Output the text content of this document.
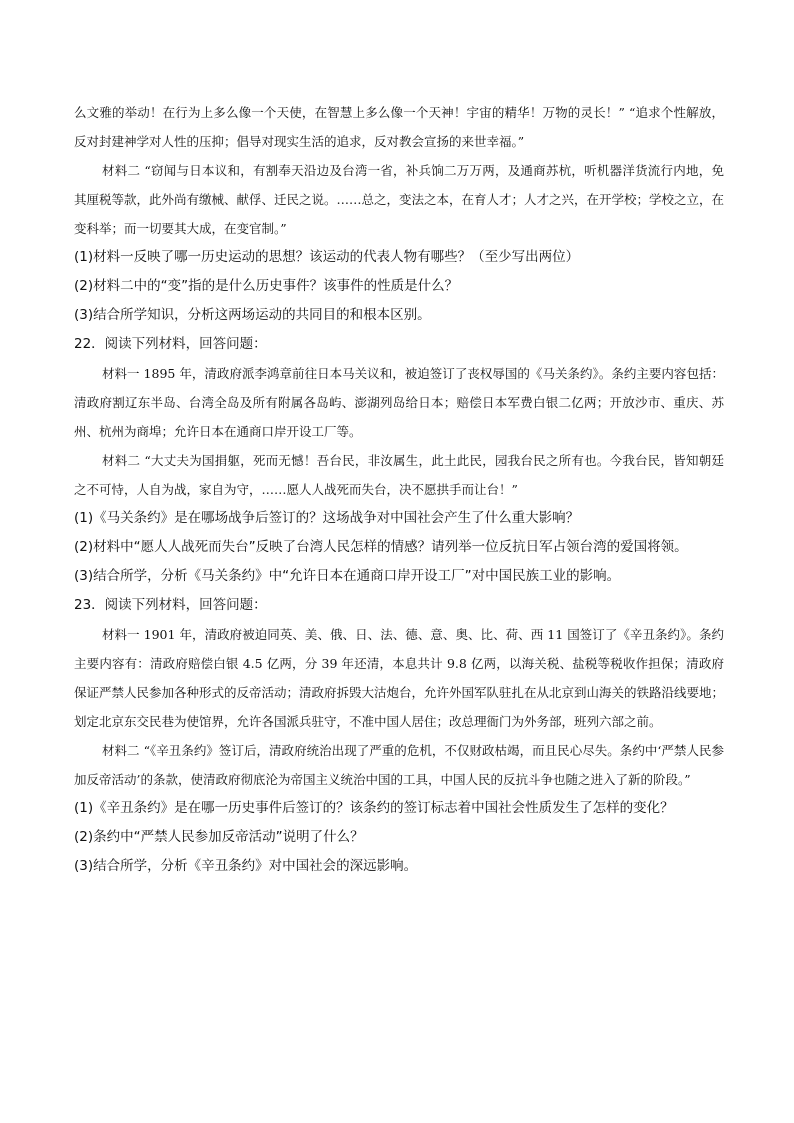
么文雅的举动！在行为上多么像一个天使，在智慧上多么像一个天神！宇宙的精华！万物的灵长！” “追求个性解放，反对封建神学对人性的压抑；倡导对现实生活的追求，反对教会宣扬的来世幸福。”

材料二 “窃闻与日本议和，有割奉天沿边及台湾一省，补兵饷二万万两，及通商苏杭，听机器洋货流行内地，免其厘税等款，此外尚有缴械、献俘、迁民之说。……总之，变法之本，在育人才；人才之兴，在开学校；学校之立，在变科举；而一切要其大成，在变官制。”

(1)材料一反映了哪一历史运动的思想？该运动的代表人物有哪些？（至少写出两位）

(2)材料二中的“变”指的是什么历史事件？该事件的性质是什么？

(3)结合所学知识，分析这两场运动的共同目的和根本区别。

22．阅读下列材料，回答问题：

材料一 1895 年，清政府派李鸿章前往日本马关议和，被迫签订了丧权辱国的《马关条约》。条约主要内容包括：清政府割辽东半岛、台湾全岛及所有附属各岛屿、澎湖列岛给日本；赔偿日本军费白银二亿两；开放沙市、重庆、苏州、杭州为商埠；允许日本在通商口岸开设工厂等。

材料二 “大丈夫为国捐躯，死而无憾！吾台民，非汝属生，此土此民，园我台民之所有也。今我台民，皆知朝廷之不可恃，人自为战，家自为守，……愿人人战死而失台，决不愿拱手而让台！”

(1)《马关条约》是在哪场战争后签订的？这场战争对中国社会产生了什么重大影响？

(2)材料中“愿人人战死而失台”反映了台湾人民怎样的情感？请列举一位反抗日军占领台湾的爱国将领。

(3)结合所学，分析《马关条约》中“允许日本在通商口岸开设工厂”对中国民族工业的影响。

23．阅读下列材料，回答问题：

材料一 1901 年，清政府被迫同英、美、俄、日、法、德、意、奥、比、荷、西 11 国签订了《辛丑条约》。条约主要内容有：清政府赔偿白银 4.5 亿两，分 39 年还清，本息共计 9.8 亿两，以海关税、盐税等税收作担保；清政府保证严禁人民参加各种形式的反帝活动；清政府拆毁大沽炮台，允许外国军队驻扎在从北京到山海关的铁路沿线要地；划定北京东交民巷为使馆界，允许各国派兵驻守，不准中国人居住；改总理衙门为外务部，班列六部之前。

材料二 “《辛丑条约》签订后，清政府统治出现了严重的危机，不仅财政枯竭，而且民心尽失。条约中‘严禁人民参加反帝活动’的条款，使清政府彻底沦为帝国主义统治中国的工具，中国人民的反抗斗争也随之进入了新的阶段。”

(1)《辛丑条约》是在哪一历史事件后签订的？该条约的签订标志着中国社会性质发生了怎样的变化？

(2)条约中“严禁人民参加反帝活动”说明了什么？

(3)结合所学，分析《辛丑条约》对中国社会的深远影响。
